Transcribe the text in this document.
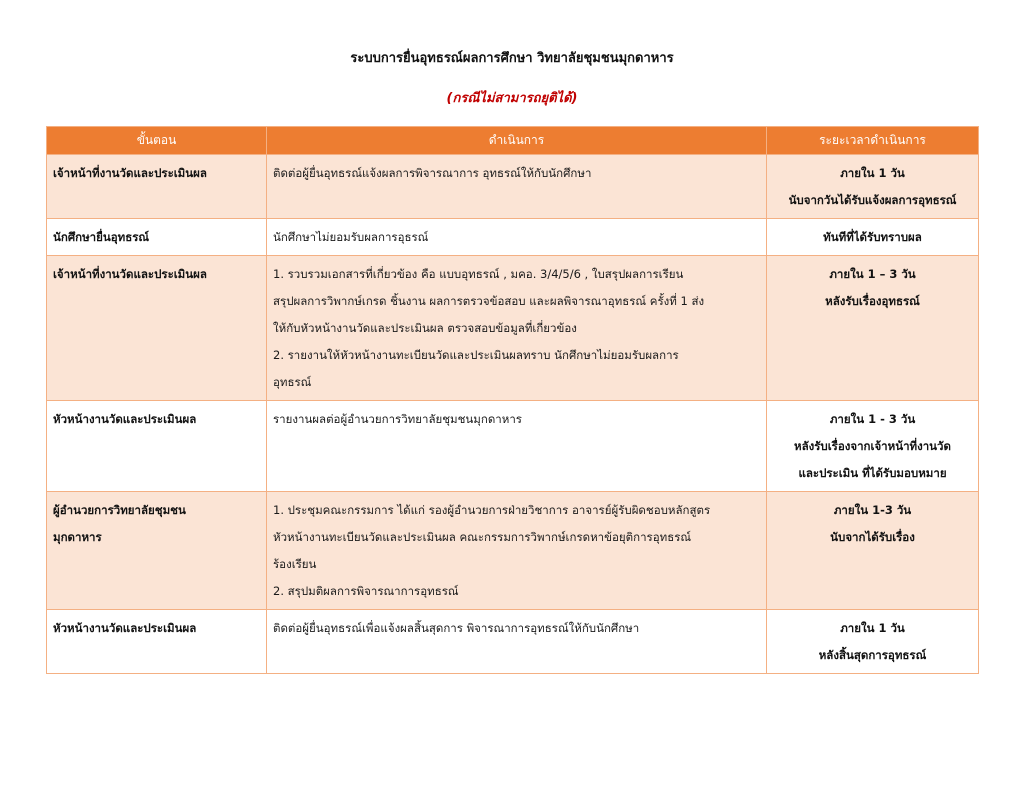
ระบบการยื่นอุทธรณ์ผลการศึกษา วิทยาลัยชุมชนมุกดาหาร
(กรณีไม่สามารถยุติได้)
ขั้นตอน	ดำเนินการ	ระยะเวลาดำเนินการ

เจ้าหน้าที่งานวัดและประเมินผล	ติดต่อผู้ยื่นอุทธรณ์แจ้งผลการพิจารณาการ อุทธรณ์ให้กับนักศึกษา	ภายใน 1 วัน
นับจากวันได้รับแจ้งผลการอุทธรณ์

นักศึกษายื่นอุทธรณ์	นักศึกษาไม่ยอมรับผลการอุธรณ์	ทันทีที่ได้รับทราบผล

เจ้าหน้าที่งานวัดและประเมินผล	1. รวบรวมเอกสารที่เกี่ยวข้อง คือ แบบอุทธรณ์ , มคอ. 3/4/5/6 , ใบสรุปผลการเรียน
สรุปผลการวิพากษ์เกรด ชิ้นงาน ผลการตรวจข้อสอบ และผลพิจารณาอุทธรณ์ ครั้งที่ 1 ส่ง
ให้กับหัวหน้างานวัดและประเมินผล ตรวจสอบข้อมูลที่เกี่ยวข้อง
2. รายงานให้หัวหน้างานทะเบียนวัดและประเมินผลทราบ นักศึกษาไม่ยอมรับผลการ
อุทธรณ์	ภายใน 1 – 3 วัน
หลังรับเรื่องอุทธรณ์

หัวหน้างานวัดและประเมินผล	รายงานผลต่อผู้อำนวยการวิทยาลัยชุมชนมุกดาหาร	ภายใน 1 - 3 วัน
หลังรับเรื่องจากเจ้าหน้าที่งานวัด
และประเมิน ที่ได้รับมอบหมาย

ผู้อำนวยการวิทยาลัยชุมชน
มุกดาหาร	1. ประชุมคณะกรรมการ ได้แก่ รองผู้อำนวยการฝ่ายวิชาการ อาจารย์ผู้รับผิดชอบหลักสูตร
หัวหน้างานทะเบียนวัดและประเมินผล คณะกรรมการวิพากษ์เกรดหาข้อยุติการอุทธรณ์
ร้องเรียน
2. สรุปมติผลการพิจารณาการอุทธรณ์	ภายใน 1-3 วัน
นับจากได้รับเรื่อง

หัวหน้างานวัดและประเมินผล	ติดต่อผู้ยื่นอุทธรณ์เพื่อแจ้งผลสิ้นสุดการ พิจารณาการอุทธรณ์ให้กับนักศึกษา	ภายใน 1 วัน
หลังสิ้นสุดการอุทธรณ์
